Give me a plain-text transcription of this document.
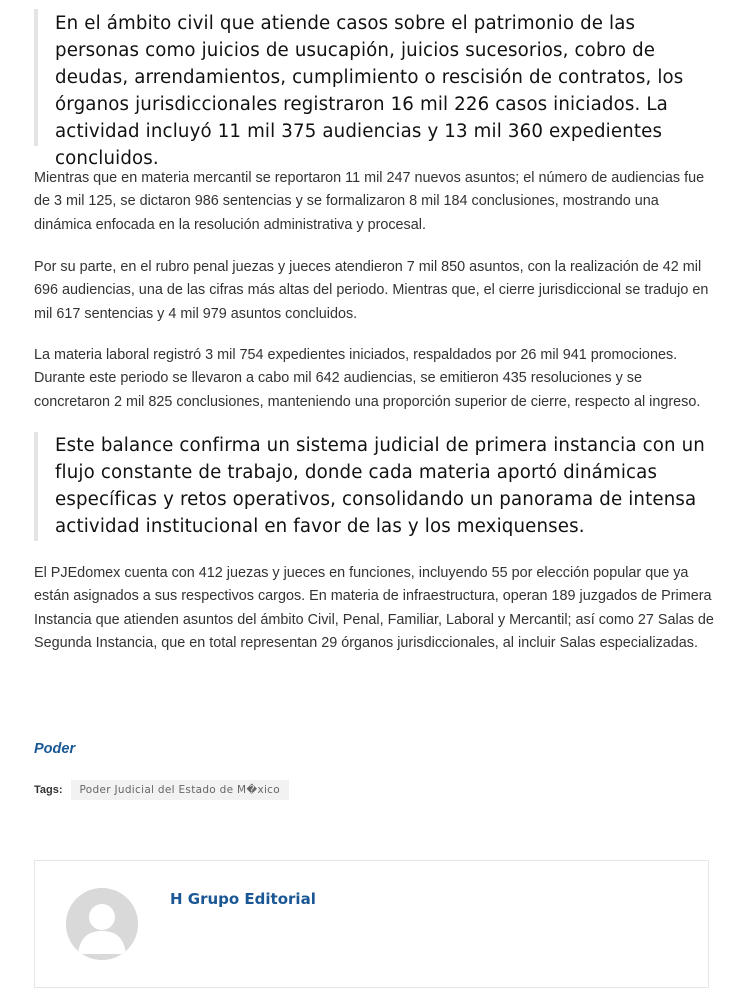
En el ámbito civil que atiende casos sobre el patrimonio de las personas como juicios de usucapión, juicios sucesorios, cobro de deudas, arrendamientos, cumplimiento o rescisión de contratos, los órganos jurisdiccionales registraron 16 mil 226 casos iniciados. La actividad incluyó 11 mil 375 audiencias y 13 mil 360 expedientes concluidos.

Mientras que en materia mercantil se reportaron 11 mil 247 nuevos asuntos; el número de audiencias fue de 3 mil 125, se dictaron 986 sentencias y se formalizaron 8 mil 184 conclusiones, mostrando una dinámica enfocada en la resolución administrativa y procesal.

Por su parte, en el rubro penal juezas y jueces atendieron 7 mil 850 asuntos, con la realización de 42 mil 696 audiencias, una de las cifras más altas del periodo. Mientras que, el cierre jurisdiccional se tradujo en mil 617 sentencias y 4 mil 979 asuntos concluidos.

La materia laboral registró 3 mil 754 expedientes iniciados, respaldados por 26 mil 941 promociones. Durante este periodo se llevaron a cabo mil 642 audiencias, se emitieron 435 resoluciones y se concretaron 2 mil 825 conclusiones, manteniendo una proporción superior de cierre, respecto al ingreso.

Este balance confirma un sistema judicial de primera instancia con un flujo constante de trabajo, donde cada materia aportó dinámicas específicas y retos operativos, consolidando un panorama de intensa actividad institucional en favor de las y los mexiquenses.

El PJEdomex cuenta con 412 juezas y jueces en funciones, incluyendo 55 por elección popular que ya están asignados a sus respectivos cargos. En materia de infraestructura, operan 189 juzgados de Primera Instancia que atienden asuntos del ámbito Civil, Penal, Familiar, Laboral y Mercantil; así como 27 Salas de Segunda Instancia, que en total representan 29 órganos jurisdiccionales, al incluir Salas especializadas.

Poder
Tags:	Poder Judicial del Estado de M�xico
H Grupo Editorial
